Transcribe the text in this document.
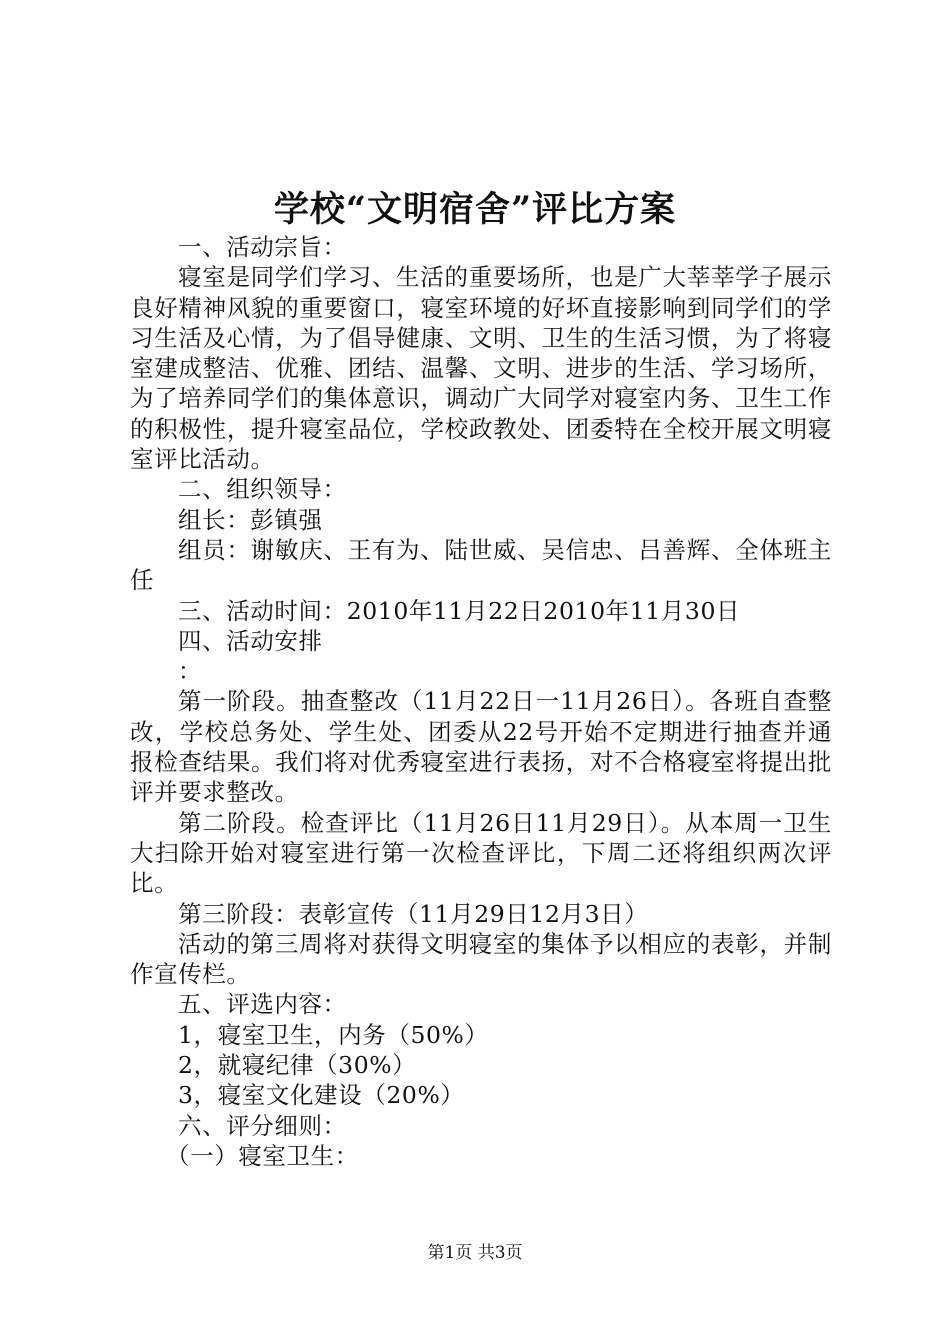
学校“文明宿舍”评比方案

一、活动宗旨：

寝室是同学们学习、生活的重要场所，也是广大莘莘学子展示良好精神风貌的重要窗口，寝室环境的好坏直接影响到同学们的学习生活及心情，为了倡导健康、文明、卫生的生活习惯，为了将寝室建成整洁、优雅、团结、温馨、文明、进步的生活、学习场所，为了培养同学们的集体意识，调动广大同学对寝室内务、卫生工作的积极性，提升寝室品位，学校政教处、团委特在全校开展文明寝室评比活动。

二、组织领导：

组长：彭镇强

组员：谢敏庆、王有为、陆世威、吴信忠、吕善辉、全体班主任

三、活动时间：2010年11月22日2010年11月30日

四、活动安排

：

第一阶段。抽查整改（11月22日一11月26日）。各班自查整改，学校总务处、学生处、团委从22号开始不定期进行抽查并通报检查结果。我们将对优秀寝室进行表扬，对不合格寝室将提出批评并要求整改。

第二阶段。检查评比（11月26日11月29日）。从本周一卫生大扫除开始对寝室进行第一次检查评比，下周二还将组织两次评比。

第三阶段：表彰宣传（11月29日12月3日）

活动的第三周将对获得文明寝室的集体予以相应的表彰，并制作宣传栏。

五、评选内容：

1，寝室卫生，内务（50%）

2，就寝纪律（30%）

3，寝室文化建设（20%）

六、评分细则：

（一）寝室卫生：

第1页 共3页
